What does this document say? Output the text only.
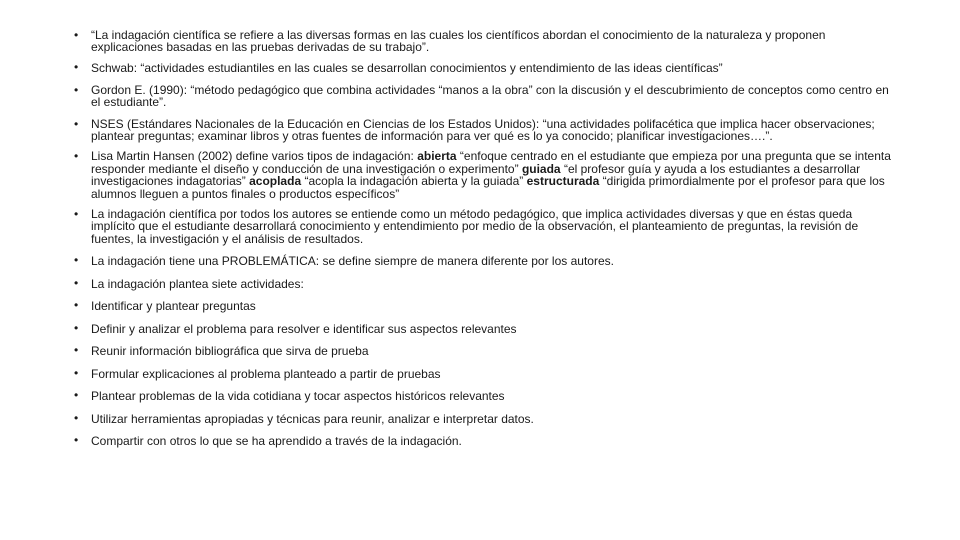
• “La indagación científica se refiere a las diversas formas en las cuales los científicos abordan el conocimiento de la naturaleza y proponen explicaciones basadas en las pruebas derivadas de su trabajo”.
• Schwab: “actividades estudiantiles en las cuales se desarrollan conocimientos y entendimiento de las ideas científicas”
• Gordon E. (1990): “método pedagógico que combina actividades “manos a la obra” con la discusión y el descubrimiento de conceptos como centro en el estudiante”.
• NSES (Estándares Nacionales de la Educación en Ciencias de los Estados Unidos): “una actividades polifacética que implica hacer observaciones; plantear preguntas; examinar libros y otras fuentes de información para ver qué es lo ya conocido; planificar investigaciones….”.
• Lisa Martin Hansen (2002) define varios tipos de indagación: abierta “enfoque centrado en el estudiante que empieza por una pregunta que se intenta responder mediante el diseño y conducción de una investigación o experimento” guiada “el profesor guía y ayuda a los estudiantes a desarrollar investigaciones indagatorias” acoplada “acopla la indagación abierta y la guiada” estructurada “dirigida primordialmente por el profesor para que los alumnos lleguen a puntos finales o productos específicos”
• La indagación científica por todos los autores se entiende como un método pedagógico, que implica actividades diversas y que en éstas queda implícito que el estudiante desarrollará conocimiento y entendimiento por medio de la observación, el planteamiento de preguntas, la revisión de fuentes, la investigación y el análisis de resultados.
• La indagación tiene una PROBLEMÁTICA: se define siempre de manera diferente por los autores.
• La indagación plantea siete actividades:
• Identificar y plantear preguntas
• Definir y analizar el problema para resolver e identificar sus aspectos relevantes
• Reunir información bibliográfica que sirva de prueba
• Formular explicaciones al problema planteado a partir de pruebas
• Plantear problemas de la vida cotidiana y tocar aspectos históricos relevantes
• Utilizar herramientas apropiadas y técnicas para reunir, analizar e interpretar datos.
• Compartir con otros lo que se ha aprendido a través de la indagación.
